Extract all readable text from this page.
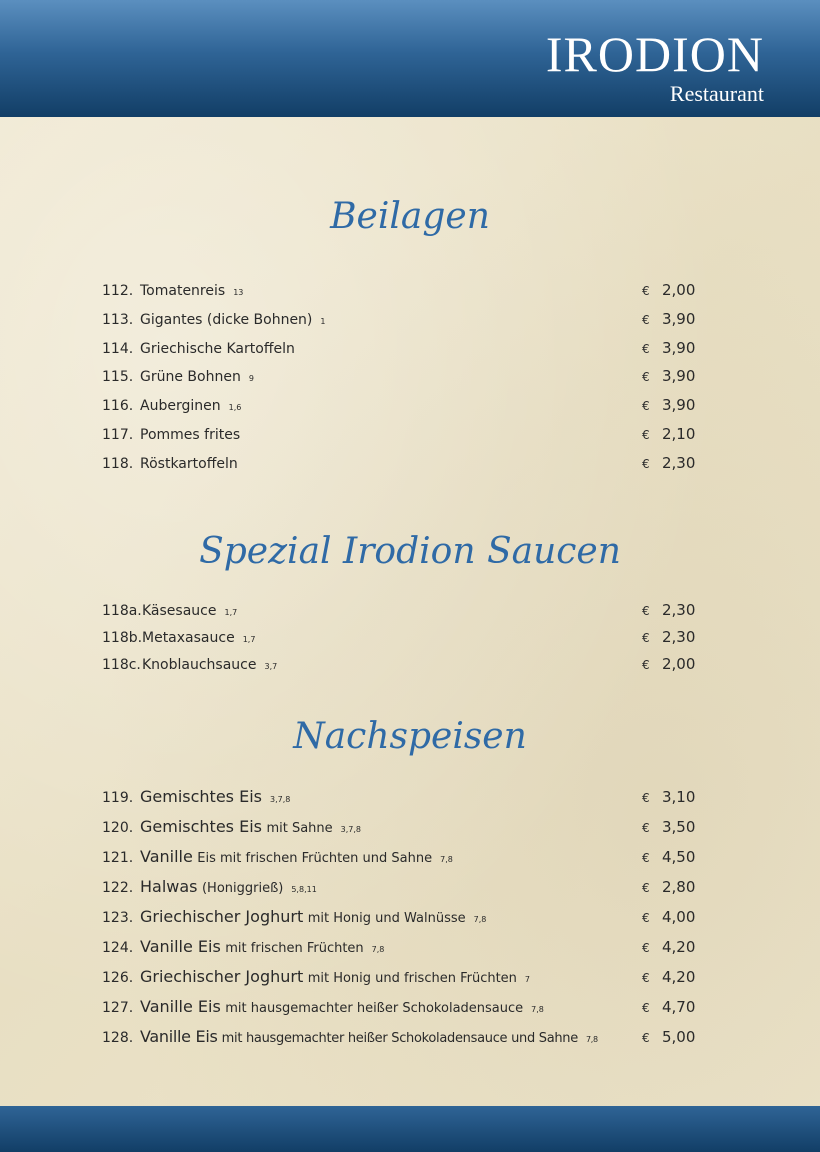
IRODION
Restaurant
Beilagen
112. Tomatenreis 13	€ 2,00
113. Gigantes (dicke Bohnen) 1	€ 3,90
114. Griechische Kartoffeln	€ 3,90
115. Grüne Bohnen 9	€ 3,90
116. Auberginen 1,6	€ 3,90
117. Pommes frites	€ 2,10
118. Röstkartoffeln	€ 2,30
Spezial Irodion Saucen
118a. Käsesauce 1,7	€ 2,30
118b. Metaxasauce 1,7	€ 2,30
118c. Knoblauchsauce 3,7	€ 2,00
Nachspeisen
119. Gemischtes Eis 3,7,8	€ 3,10
120. Gemischtes Eis mit Sahne 3,7,8	€ 3,50
121. Vanille Eis mit frischen Früchten und Sahne 7,8	€ 4,50
122. Halwas (Honiggrieß) 5,8,11	€ 2,80
123. Griechischer Joghurt mit Honig und Walnüsse 7,8	€ 4,00
124. Vanille Eis mit frischen Früchten 7,8	€ 4,20
126. Griechischer Joghurt mit Honig und frischen Früchten 7	€ 4,20
127. Vanille Eis mit hausgemachter heißer Schokoladensauce 7,8	€ 4,70
128. Vanille Eis mit hausgemachter heißer Schokoladensauce und Sahne 7,8	€ 5,00
